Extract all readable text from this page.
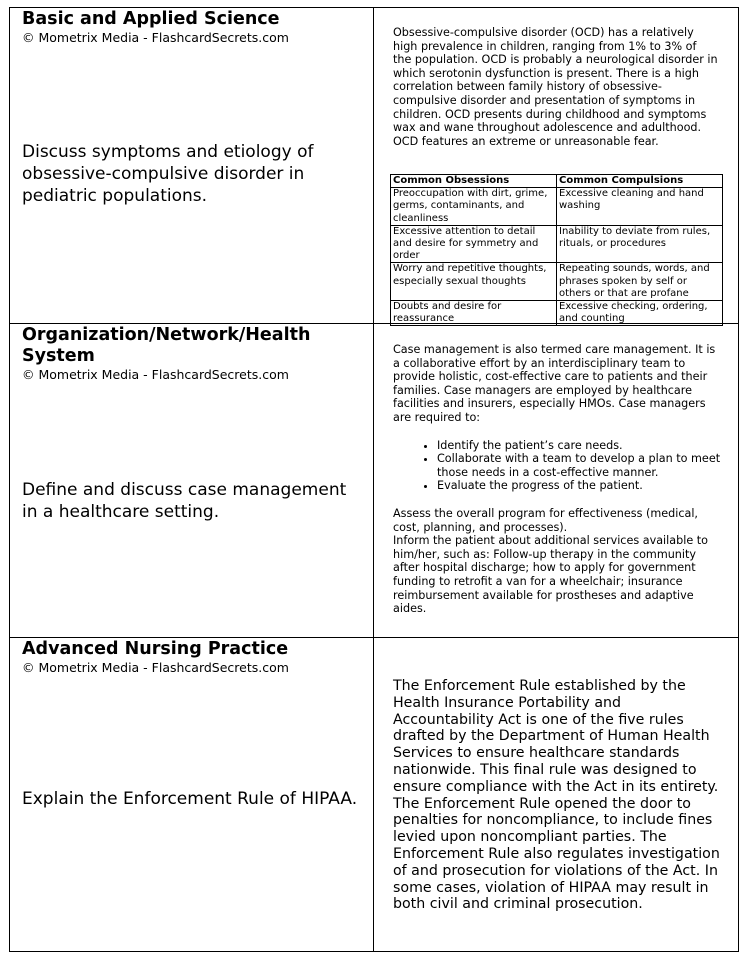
Basic and Applied Science
© Mometrix Media - FlashcardSecrets.com
Discuss symptoms and etiology of obsessive-compulsive disorder in pediatric populations.
Obsessive-compulsive disorder (OCD) has a relatively high prevalence in children, ranging from 1% to 3% of the population. OCD is probably a neurological disorder in which serotonin dysfunction is present. There is a high correlation between family history of obsessive-compulsive disorder and presentation of symptoms in children. OCD presents during childhood and symptoms wax and wane throughout adolescence and adulthood. OCD features an extreme or unreasonable fear.
Common Obsessions	Common Compulsions
Preoccupation with dirt, grime, germs, contaminants, and cleanliness	Excessive cleaning and hand washing
Excessive attention to detail and desire for symmetry and order	Inability to deviate from rules, rituals, or procedures
Worry and repetitive thoughts, especially sexual thoughts	Repeating sounds, words, and phrases spoken by self or others or that are profane
Doubts and desire for reassurance	Excessive checking, ordering, and counting
Organization/Network/Health System
© Mometrix Media - FlashcardSecrets.com
Define and discuss case management in a healthcare setting.

Case management is also termed care management. It is a collaborative effort by an interdisciplinary team to provide holistic, cost-effective care to patients and their families. Case managers are employed by healthcare facilities and insurers, especially HMOs. Case managers are required to:

• Identify the patient’s care needs.
• Collaborate with a team to develop a plan to meet those needs in a cost-effective manner.
• Evaluate the progress of the patient.

Assess the overall program for effectiveness (medical, cost, planning, and processes).

Inform the patient about additional services available to him/her, such as: Follow-up therapy in the community after hospital discharge; how to apply for government funding to retrofit a van for a wheelchair; insurance reimbursement available for prostheses and adaptive aides.

Advanced Nursing Practice
© Mometrix Media - FlashcardSecrets.com
Explain the Enforcement Rule of HIPAA.
The Enforcement Rule established by the Health Insurance Portability and Accountability Act is one of the five rules drafted by the Department of Human Health Services to ensure healthcare standards nationwide. This final rule was designed to ensure compliance with the Act in its entirety. The Enforcement Rule opened the door to penalties for noncompliance, to include fines levied upon noncompliant parties. The Enforcement Rule also regulates investigation of and prosecution for violations of the Act. In some cases, violation of HIPAA may result in both civil and criminal prosecution.
